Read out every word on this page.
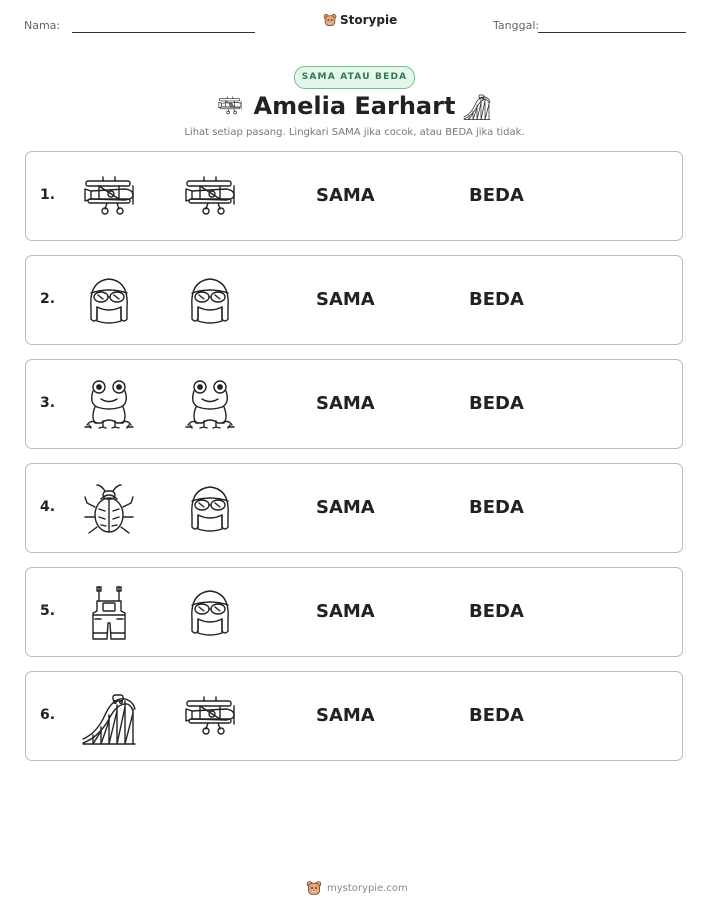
Nama:	Storypie	Tanggal:
SAMA ATAU BEDA
Amelia Earhart
Lihat setiap pasang. Lingkari SAMA jika cocok, atau BEDA jika tidak.
1.	SAMA	BEDA
2.	SAMA	BEDA
3.	SAMA	BEDA
4.	SAMA	BEDA
5.	SAMA	BEDA
6.	SAMA	BEDA
mystorypie.com
